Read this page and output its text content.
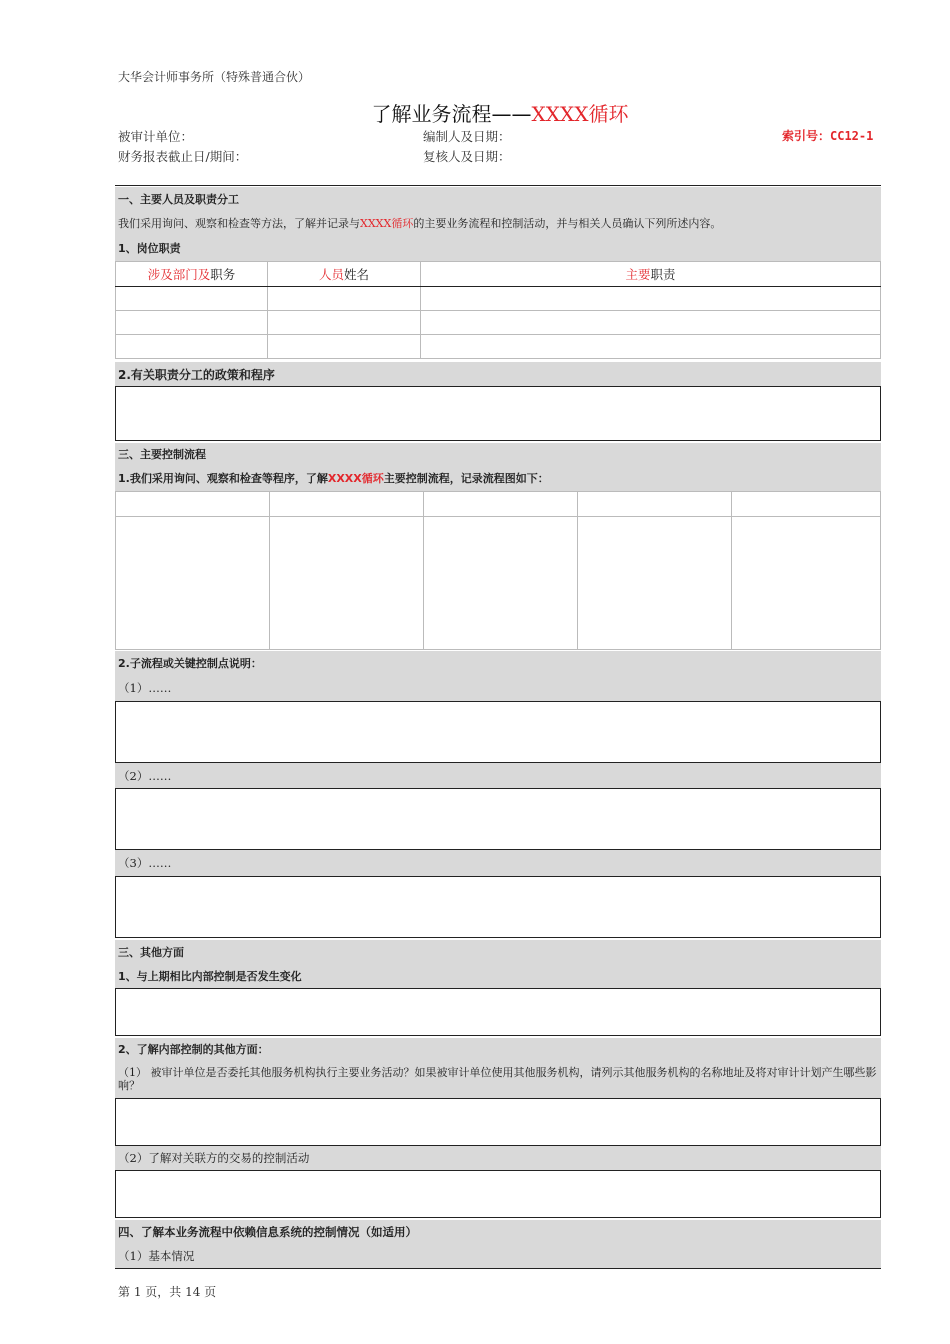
大华会计师事务所（特殊普通合伙）
了解业务流程——XXXX循环
被审计单位：	编制人及日期：	索引号：CC12-1
财务报表截止日/期间：	复核人及日期：
一、主要人员及职责分工
我们采用询问、观察和检查等方法，了解并记录与 XXXX循环 的主要业务流程和控制活动，并与相关人员确认下列所述内容。
1、岗位职责
涉及部门及职务	人员姓名	主要职责

2.有关职责分工的政策和程序
三、主要控制流程
1.我们采用询问、观察和检查等程序，了解 XXXX循环 主要控制流程，记录流程图如下：

2.子流程或关键控制点说明：
（1）……
（2）……
（3）……
三、其他方面
1、与上期相比内部控制是否发生变化
2、了解内部控制的其他方面：
（1） 被审计单位是否委托其他服务机构执行主要业务活动？如果被审计单位使用其他服务机构，请列示其他服务机构的名称地址及将对审计计划产生哪些影响？
（2）了解对关联方的交易的控制活动
四、了解本业务流程中依赖信息系统的控制情况（如适用）
（1）基本情况
第 1 页，共 14 页
